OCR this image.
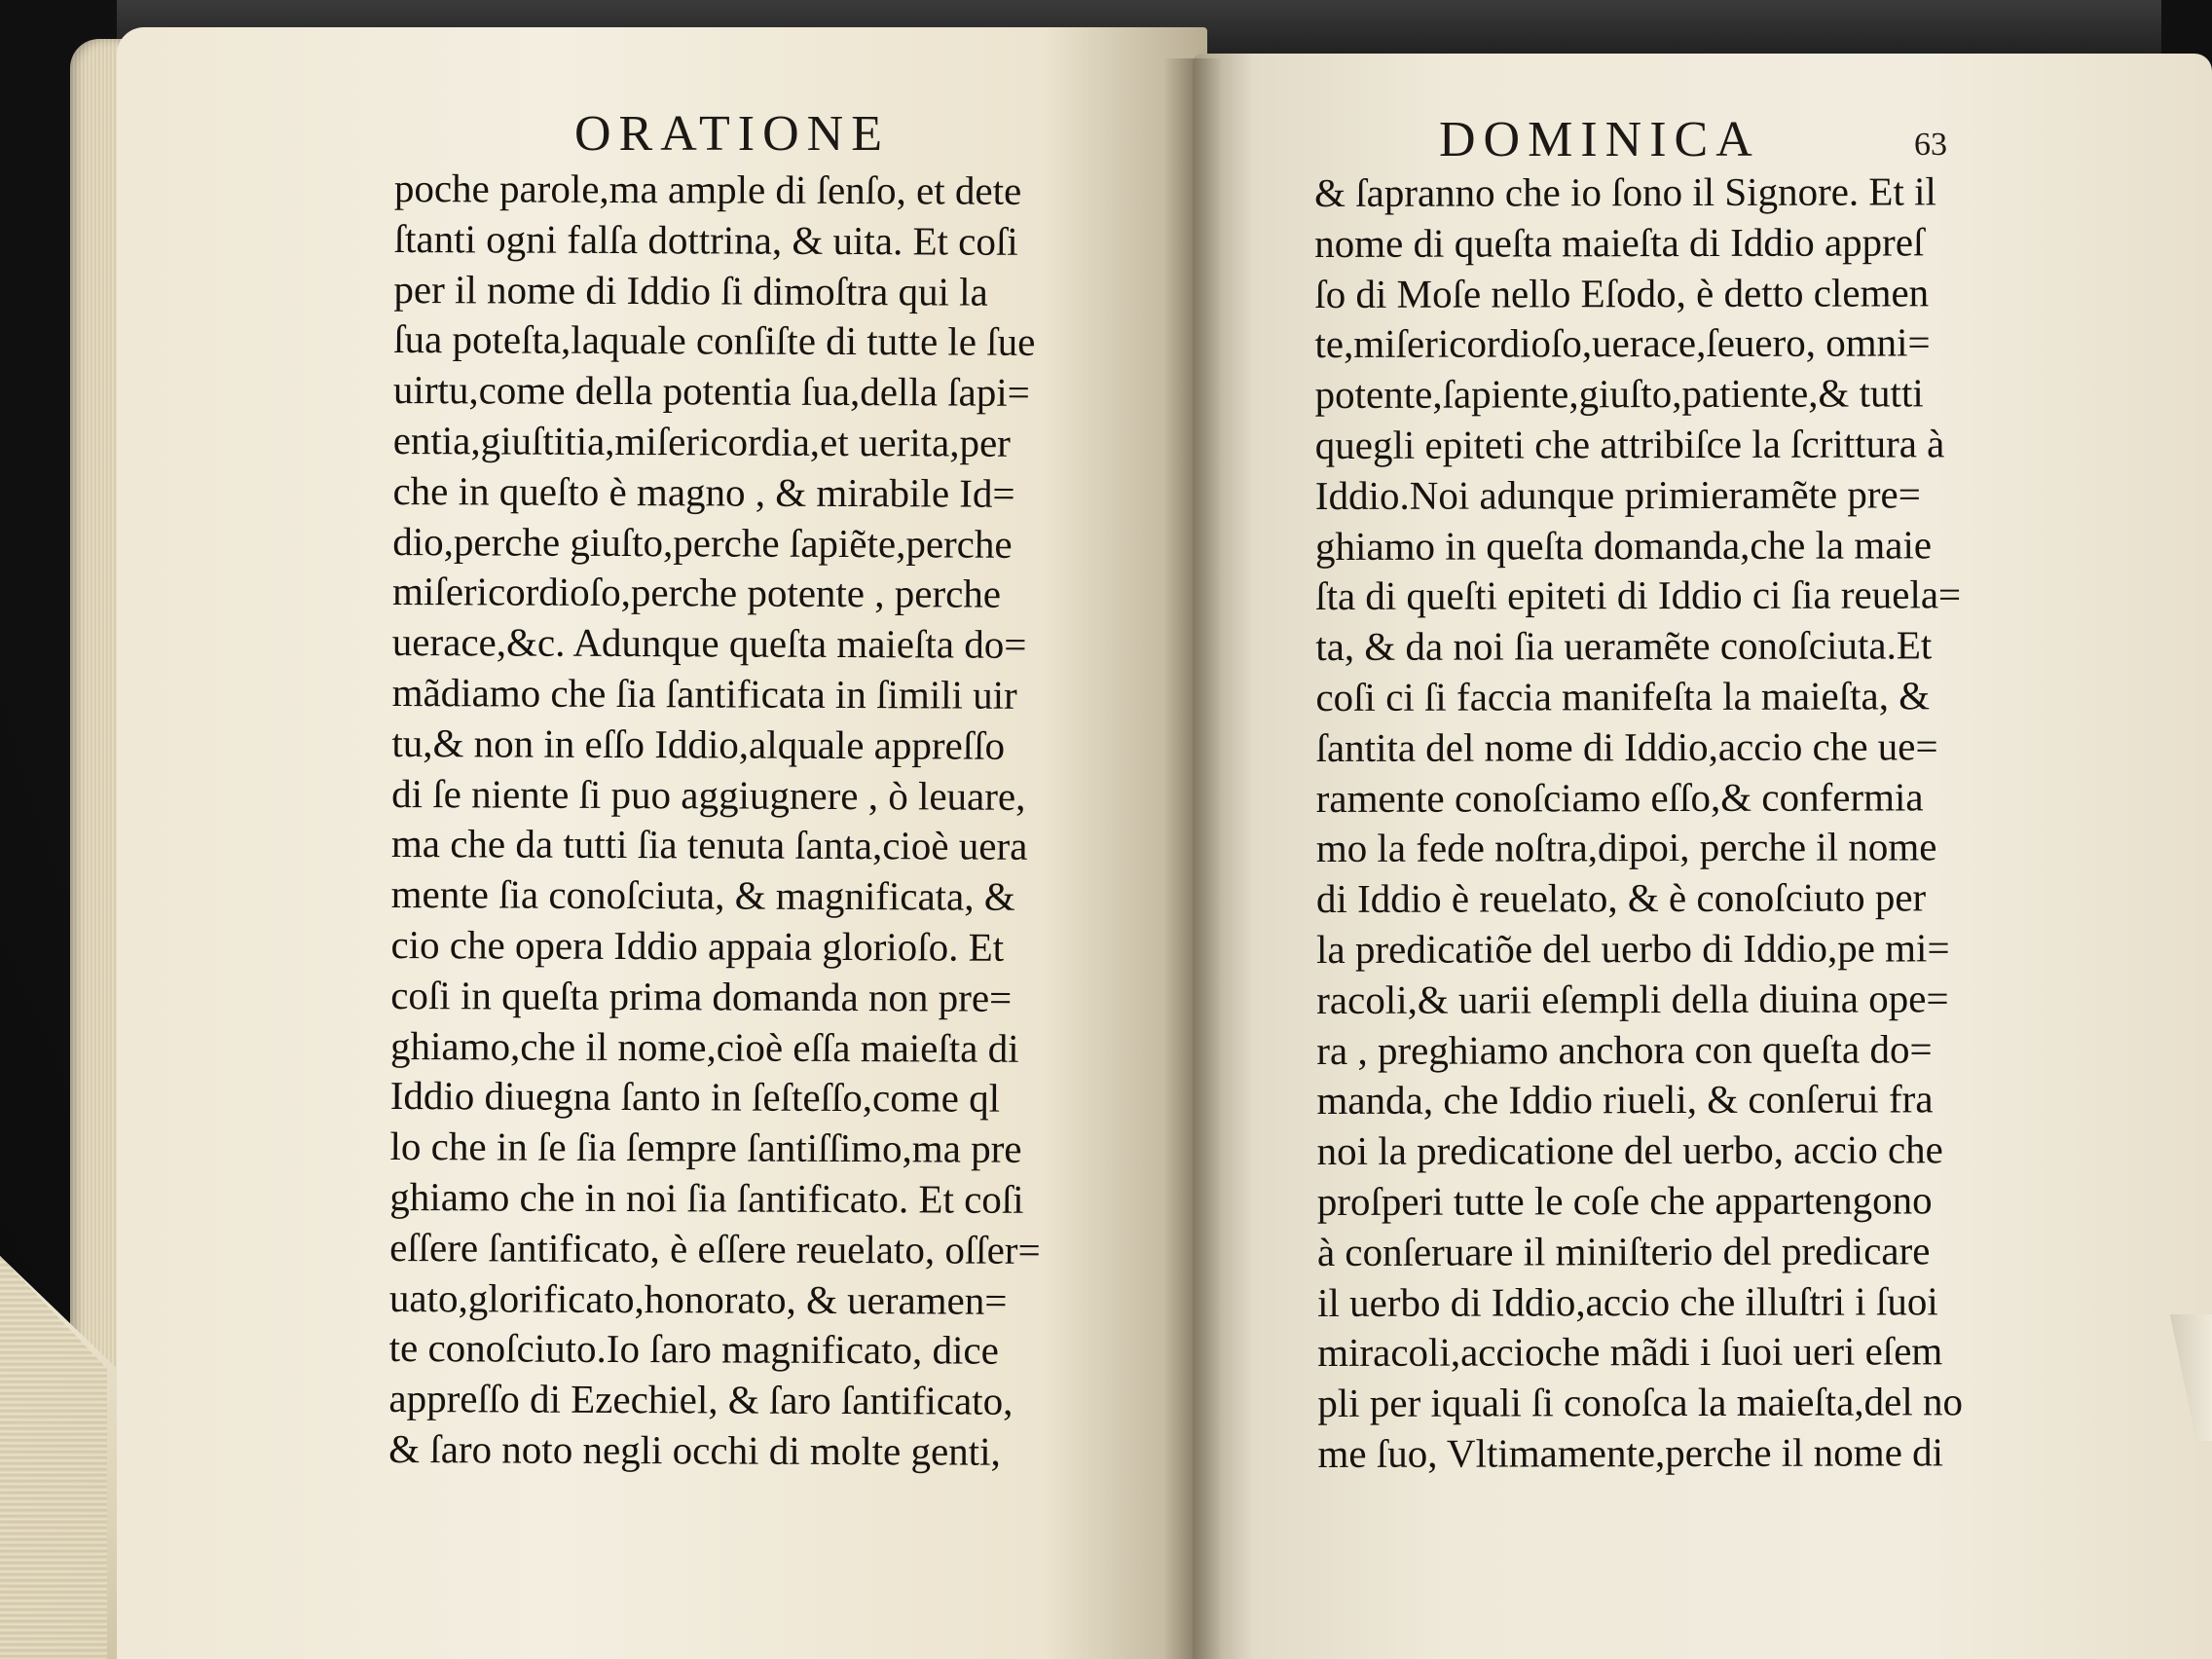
ORATIONE	DOMINICA	63
poche parole,ma ample di ſenſo, et dete
ſtanti ogni falſa dottrina, & uita. Et coſi
per il nome di Iddio ſi dimoſtra qui la
ſua poteſta,laquale conſiſte di tutte le ſue
uirtu,come della potentia ſua,della ſapi=
entia,giuſtitia,miſericordia,et uerita,per
che in queſto è magno , & mirabile Id=
dio,perche giuſto,perche ſapiẽte,perche
miſericordioſo,perche potente , perche
uerace,&c. Adunque queſta maieſta do=
mãdiamo che ſia ſantificata in ſimili uir
tu,& non in eſſo Iddio,alquale appreſſo
di ſe niente ſi puo aggiugnere , ò leuare,
ma che da tutti ſia tenuta ſanta,cioè uera
mente ſia conoſciuta, & magnificata, &
cio che opera Iddio appaia glorioſo. Et
coſi in queſta prima domanda non pre=
ghiamo,che il nome,cioè eſſa maieſta di
Iddio diuegna ſanto in ſeſteſſo,come ql
lo che in ſe ſia ſempre ſantiſſimo,ma pre
ghiamo che in noi ſia ſantificato. Et coſi
eſſere ſantificato, è eſſere reuelato, oſſer=
uato,glorificato,honorato, & ueramen=
te conoſciuto.Io ſaro magnificato, dice
appreſſo di Ezechiel, & ſaro ſantificato,
& ſaro noto negli occhi di molte genti,
& ſapranno che io ſono il Signore. Et il
nome di queſta maieſta di Iddio appreſ
ſo di Moſe nello Eſodo, è detto clemen
te,miſericordioſo,uerace,ſeuero, omni=
potente,ſapiente,giuſto,patiente,& tutti
quegli epiteti che attribiſce la ſcrittura à
Iddio.Noi adunque primieramẽte pre=
ghiamo in queſta domanda,che la maie
ſta di queſti epiteti di Iddio ci ſia reuela=
ta, & da noi ſia ueramẽte conoſciuta.Et
coſi ci ſi faccia manifeſta la maieſta, &
ſantita del nome di Iddio,accio che ue=
ramente conoſciamo eſſo,& confermia
mo la fede noſtra,dipoi, perche il nome
di Iddio è reuelato, & è conoſciuto per
la predicatiõe del uerbo di Iddio,pe mi=
racoli,& uarii eſempli della diuina ope=
ra , preghiamo anchora con queſta do=
manda, che Iddio riueli, & conſerui fra
noi la predicatione del uerbo, accio che
proſperi tutte le coſe che appartengono
à conſeruare il miniſterio del predicare
il uerbo di Iddio,accio che illuſtri i ſuoi
miracoli,accioche mãdi i ſuoi ueri eſem
pli per iquali ſi conoſca la maieſta,del no
me ſuo, Vltimamente,perche il nome di
